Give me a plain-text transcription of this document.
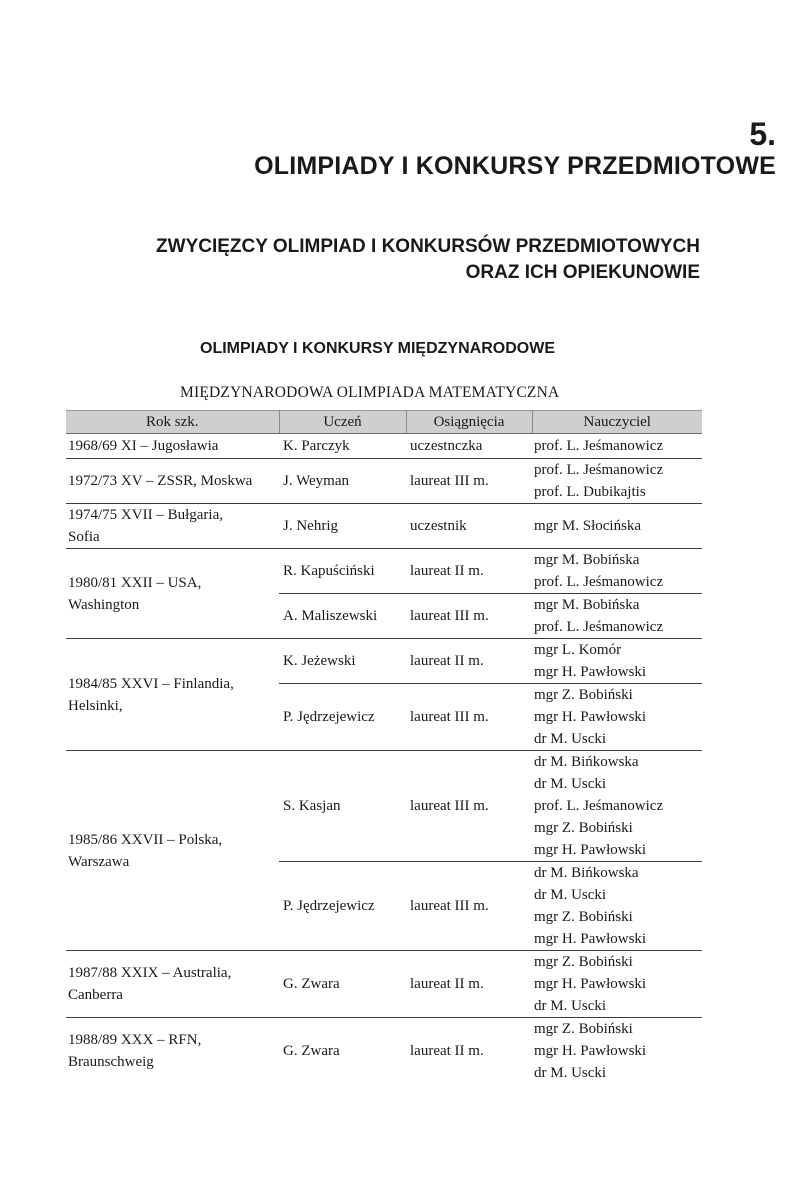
5.
OLIMPIADY I KONKURSY PRZEDMIOTOWE
ZWYCIĘZCY OLIMPIAD I KONKURSÓW PRZEDMIOTOWYCH
ORAZ ICH OPIEKUNOWIE
OLIMPIADY I KONKURSY MIĘDZYNARODOWE
MIĘDZYNARODOWA OLIMPIADA MATEMATYCZNA
Rok szk.	Uczeń	Osiągnięcia	Nauczyciel

1968/69 XI – Jugosławia	K. Parczyk	uczestnczka	prof. L. Jeśmanowicz

1972/73 XV – ZSSR, Moskwa	J. Weyman	laureat III m.	prof. L. Jeśmanowicz
prof. L. Dubikajtis

1974/75 XVII – Bułgaria,
Sofia	J. Nehrig	uczestnik	mgr M. Słocińska

1980/81 XXII – USA,
Washington	R. Kapuściński	laureat II m.	mgr M. Bobińska
prof. L. Jeśmanowicz

	A. Maliszewski	laureat III m.	mgr M. Bobińska
prof. L. Jeśmanowicz

1984/85 XXVI – Finlandia,
Helsinki,	K. Jeżewski	laureat II m.	mgr L. Komór
mgr H. Pawłowski

	P. Jędrzejewicz	laureat III m.	mgr Z. Bobiński
mgr H. Pawłowski
dr M. Uscki

1985/86 XXVII – Polska,
Warszawa	S. Kasjan	laureat III m.	dr M. Bińkowska
dr M. Uscki
prof. L. Jeśmanowicz
mgr Z. Bobiński
mgr H. Pawłowski

	P. Jędrzejewicz	laureat III m.	dr M. Bińkowska
dr M. Uscki
mgr Z. Bobiński
mgr H. Pawłowski

1987/88 XXIX – Australia,
Canberra	G. Zwara	laureat II m.	mgr Z. Bobiński
mgr H. Pawłowski
dr M. Uscki

1988/89 XXX – RFN,
Braunschweig	G. Zwara	laureat II m.	mgr Z. Bobiński
mgr H. Pawłowski
dr M. Uscki
